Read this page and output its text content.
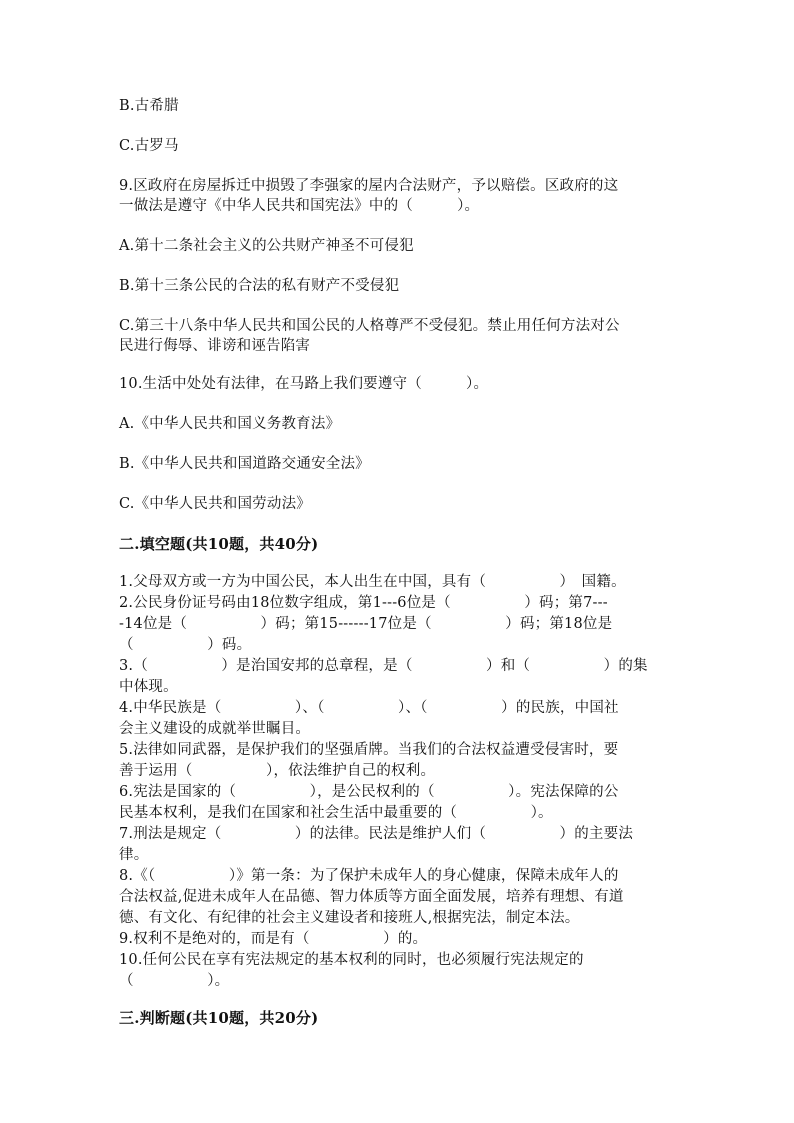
B.古希腊
C.古罗马
9.区政府在房屋拆迁中损毁了李强家的屋内合法财产，予以赔偿。区政府的这
一做法是遵守《中华人民共和国宪法》中的（　　　）。
A.第十二条社会主义的公共财产神圣不可侵犯
B.第十三条公民的合法的私有财产不受侵犯
C.第三十八条中华人民共和国公民的人格尊严不受侵犯。禁止用任何方法对公
民进行侮辱、诽谤和诬告陷害
10.生活中处处有法律，在马路上我们要遵守（　　　）。
A.《中华人民共和国义务教育法》
B.《中华人民共和国道路交通安全法》
C.《中华人民共和国劳动法》
二.填空题(共10题，共40分)
1.父母双方或一方为中国公民，本人出生在中国，具有（　　　　　）　国籍。
2.公民身份证号码由18位数字组成，第1---6位是（　　　　　）码；第7---
-14位是（　　　　　）码；第15------17位是（　　　　　）码；第18位是
（　　　　　）码。
3.（　　　　　）是治国安邦的总章程，是（　　　　　）和（　　　　　）的集
中体现。
4.中华民族是（　　　　　）、（　　　　　）、（　　　　　）的民族，中国社
会主义建设的成就举世瞩目。
5.法律如同武器，是保护我们的坚强盾牌。当我们的合法权益遭受侵害时，要
善于运用（　　　　　），依法维护自己的权利。
6.宪法是国家的（　　　　　），是公民权利的（　　　　　）。宪法保障的公
民基本权利，是我们在国家和社会生活中最重要的（　　　　　）。
7.刑法是规定（　　　　　）的法律。民法是维护人们（　　　　　）的主要法
律。
8.《（　　　　　）》第一条：为了保护未成年人的身心健康，保障未成年人的
合法权益,促进未成年人在品德、智力体质等方面全面发展，培养有理想、有道
德、有文化、有纪律的社会主义建设者和接班人,根据宪法，制定本法。
9.权利不是绝对的，而是有（　　　　　）的。
10.任何公民在享有宪法规定的基本权利的同时，也必须履行宪法规定的
（　　　　　）。
三.判断题(共10题，共20分)
